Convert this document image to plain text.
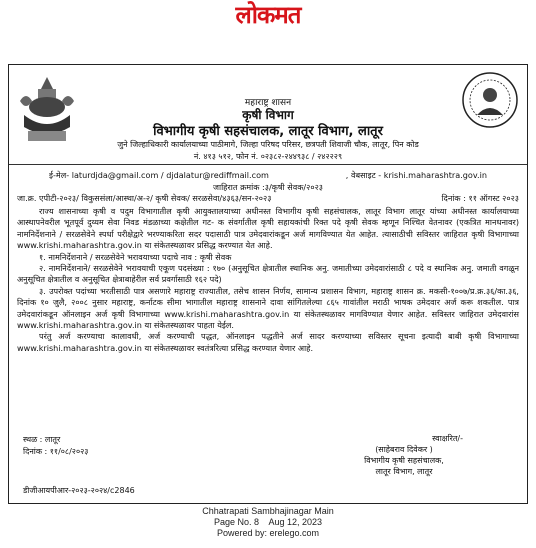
लोकमत
महाराष्ट्र शासन
कृषी विभाग
विभागीय कृषी सहसंचालक, लातूर विभाग, लातूर
जुने जिल्हाधिकारी कार्यालयाच्या पाठीमागे, जिल्हा परिषद परिसर, छत्रपती शिवाजी चौक, लातूर, पिन कोड
नं. ४१३ ५१२, फोन नं. ०२३८२-२४४९३८ / २४२२२९
ई-मेल- laturdjda@gmail.com / djdalatur@rediffmail.com	, वेबसाइट - krishi.maharashtra.gov.in
जाहिरात क्रमांक :३/कृषी सेवक/२०२३
जा.क्र. एपीटी-२०२३/ विकुससंला/आस्था/अ-२/ कृषी सेवक/ सरळसेवा/४३६३/सन-२०२३	दिनांक : ११ ऑगस्ट २०२३

राज्य शासनाच्या कृषी व पदुम विभागातील कृषी आयुक्तालयाच्या अधीनस्त विभागीय कृषी सहसंचालक, लातूर विभाग लातूर यांच्या अधीनस्त कार्यालयाच्या आस्थापनेवरील भूतपूर्व दुय्यम सेवा निवड मंडळाच्या कक्षेतील गट- क संवर्गातील कृषी सहायकांची रिक्त पदे कृषी सेवक म्हणून निश्चित वेतनावर (एकत्रित मानधनावर) नामनिर्देशनाने / सरळसेवेने स्पर्धा परीक्षेद्वारे भरण्याकरिता सदर पदासाठी पात्र उमेदवारांकडून अर्ज मागविण्यात येत आहेत. त्यासाठीची सविस्तर जाहिरात कृषी विभागाच्या www.krishi.maharashtra.gov.in या संकेतस्थळावर प्रसिद्ध करण्यात येत आहे.

१. नामनिर्देशनाने / सरळसेवेने भरावयाच्या पदाचे नाव : कृषी सेवक

२. नामनिर्देशनाने/ सरळसेवेने भरावयाची एकूण पदसंख्या : १७० (अनुसूचित क्षेत्रातील स्थानिक अनु. जमातीच्या उमेदवारांसाठी ८ पदे व स्थानिक अनु. जमाती वगळून अनुसूचित क्षेत्रातील व अनुसूचित क्षेत्राबाहेरील सर्व प्रवर्गासाठी १६२ पदे)

३. उपरोक्त पदांच्या भरतीसाठी पात्र असणारे महाराष्ट्र राज्यातील, तसेच शासन निर्णय, सामान्य प्रशासन विभाग, महाराष्ट्र शासन क्र. मकसी-१००७/प्र.क्र.३६/का.३६, दिनांक १० जुलै, २००८ नुसार महाराष्ट्र, कर्नाटक सीमा भागातील महाराष्ट्र शासनाने दावा सांगितलेल्या ८६५ गावांतील मराठी भाषक उमेदवार अर्ज करू शकतील. पात्र उमेदवारांकडून ऑनलाइन अर्ज कृषी विभागाच्या www.krishi.maharashtra.gov.in या संकेतस्थळावर मागविण्यात येणार आहेत. सविस्तर जाहिरात उमेदवारांस www.krishi.maharashtra.gov.in या संकेतस्थळावर पाहता येईल.

परंतु अर्ज करण्याचा कालावधी, अर्ज करण्याची पद्धत, ऑनलाइन पद्धतीने अर्ज सादर करण्याच्या सविस्तर सूचना इत्यादी बाबी कृषी विभागाच्या www.krishi.maharashtra.gov.in या संकेतस्थळावर स्वतंत्ररित्या प्रसिद्ध करण्यात येणार आहे.

स्थळ : लातूर
दिनांक : ११/०८/२०२३
स्वाक्षरित/-
(साहेबराव दिवेकर )
विभागीय कृषी सहसंचालक,
लातूर विभाग, लातूर
डीजीआयपीआर-२०२३-२०२४/c2846
Chhatrapati Sambhajinagar Main
Page No. 8    Aug 12, 2023
Powered by: erelego.com
